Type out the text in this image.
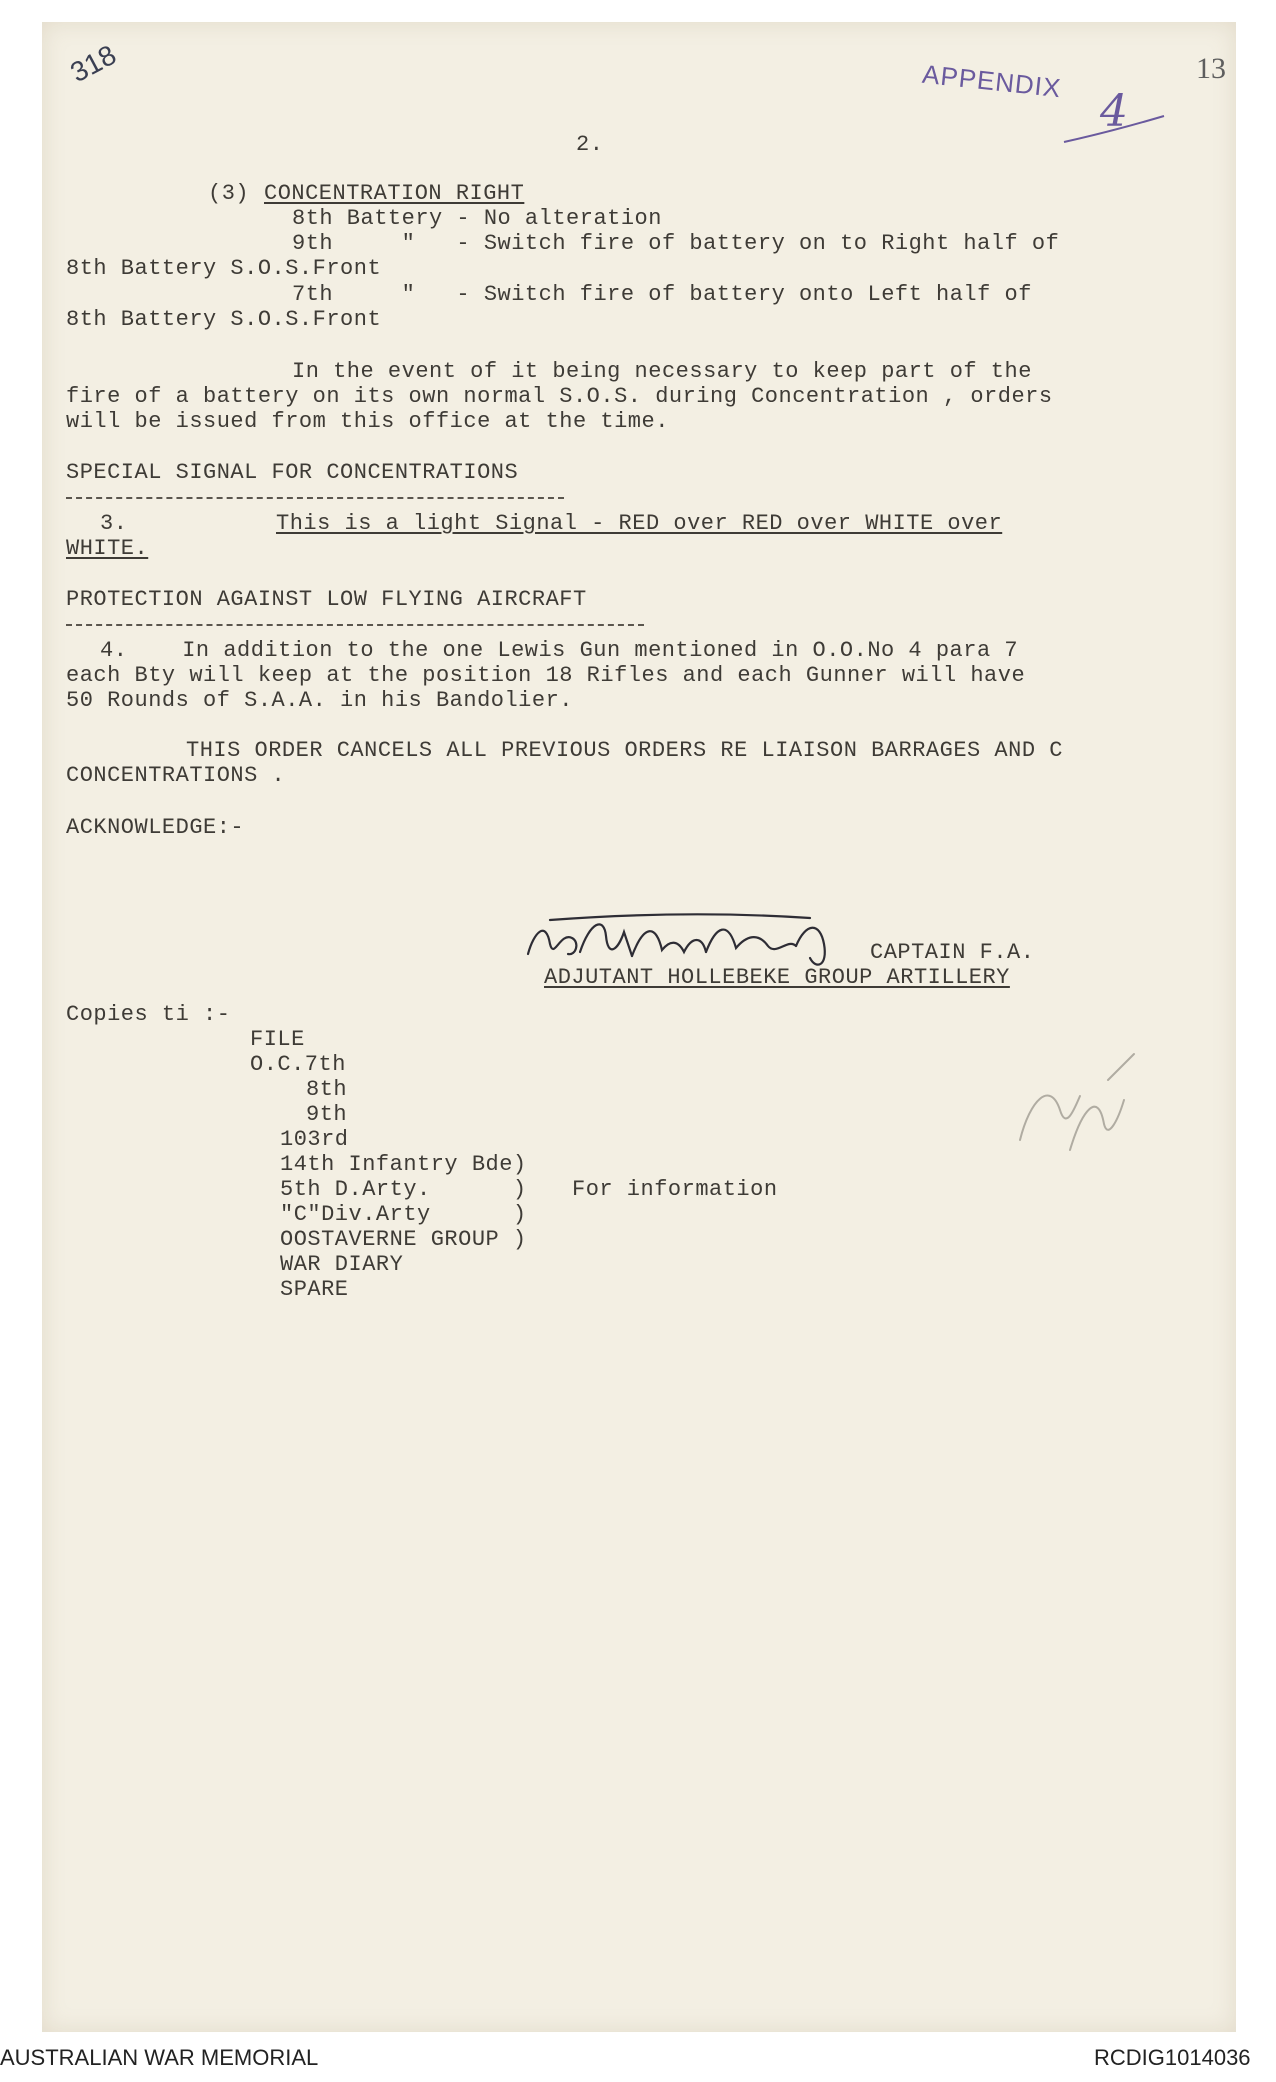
318	13
APPENDIX
4
2.
(3) CONCENTRATION RIGHT
8th Battery - No alteration
9th     "   - Switch fire of battery on to Right half of
8th Battery S.O.S.Front
7th     "   - Switch fire of battery onto Left half of
8th Battery S.O.S.Front
In the event of it being necessary to keep part of the
fire of a battery on its own normal S.O.S. during Concentration , orders
will be issued from this office at the time.
SPECIAL SIGNAL FOR CONCENTRATIONS
3.	This is a light Signal - RED over RED over WHITE over
WHITE.
PROTECTION AGAINST LOW FLYING AIRCRAFT
4.    In addition to the one Lewis Gun mentioned in O.O.No 4 para 7
each Bty will keep at the position 18 Rifles and each Gunner will have
50 Rounds of S.A.A. in his Bandolier.
THIS ORDER CANCELS ALL PREVIOUS ORDERS RE LIAISON BARRAGES AND C
CONCENTRATIONS .
ACKNOWLEDGE:-
CAPTAIN F.A.
ADJUTANT HOLLEBEKE GROUP ARTILLERY
Copies ti :-
FILE
O.C.7th
8th
9th
103rd
14th Infantry Bde)
5th D.Arty.      )
"C"Div.Arty      )
OOSTAVERNE GROUP )
WAR DIARY
SPARE
For information
AUSTRALIAN WAR MEMORIAL	RCDIG1014036
